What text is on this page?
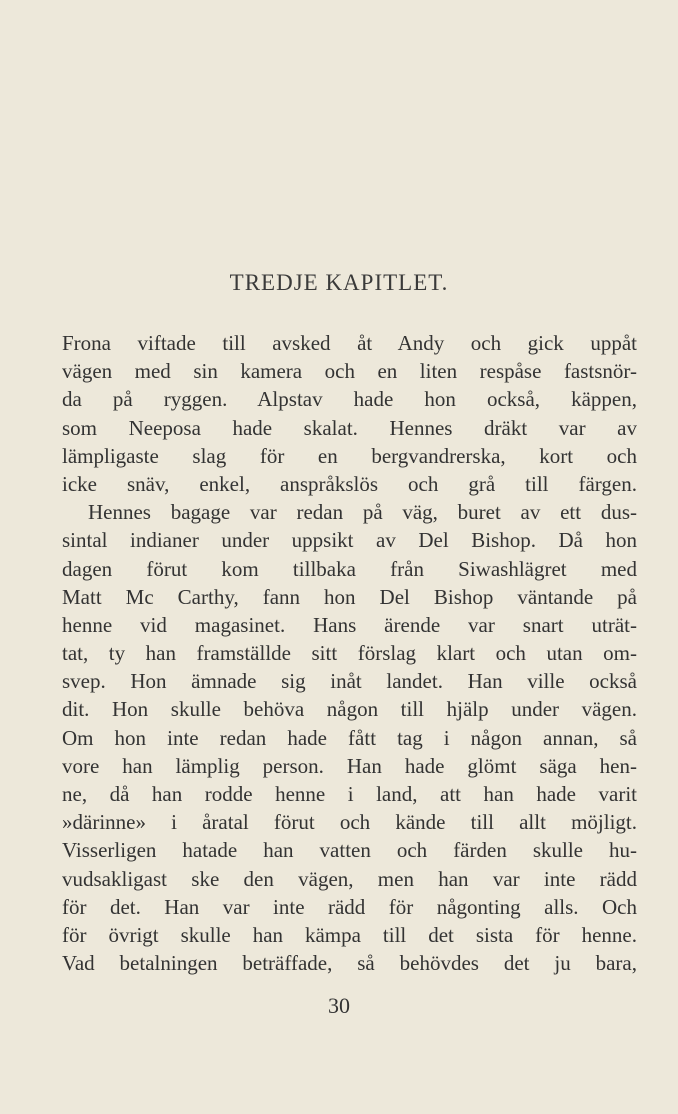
TREDJE KAPITLET.
Frona viftade till avsked åt Andy och gick uppåt
vägen med sin kamera och en liten respåse fastsnör-
da på ryggen. Alpstav hade hon också, käppen,
som Neeposa hade skalat. Hennes dräkt var av
lämpligaste slag för en bergvandrerska, kort och
icke snäv, enkel, anspråkslös och grå till färgen.
Hennes bagage var redan på väg, buret av ett dus-
sintal indianer under uppsikt av Del Bishop. Då hon
dagen förut kom tillbaka från Siwashlägret med
Matt Mc Carthy, fann hon Del Bishop väntande på
henne vid magasinet. Hans ärende var snart uträt-
tat, ty han framställde sitt förslag klart och utan om-
svep. Hon ämnade sig inåt landet. Han ville också
dit. Hon skulle behöva någon till hjälp under vägen.
Om hon inte redan hade fått tag i någon annan, så
vore han lämplig person. Han hade glömt säga hen-
ne, då han rodde henne i land, att han hade varit
»därinne» i åratal förut och kände till allt möjligt.
Visserligen hatade han vatten och färden skulle hu-
vudsakligast ske den vägen, men han var inte rädd
för det. Han var inte rädd för någonting alls. Och
för övrigt skulle han kämpa till det sista för henne.
Vad betalningen beträffade, så behövdes det ju bara,
30
